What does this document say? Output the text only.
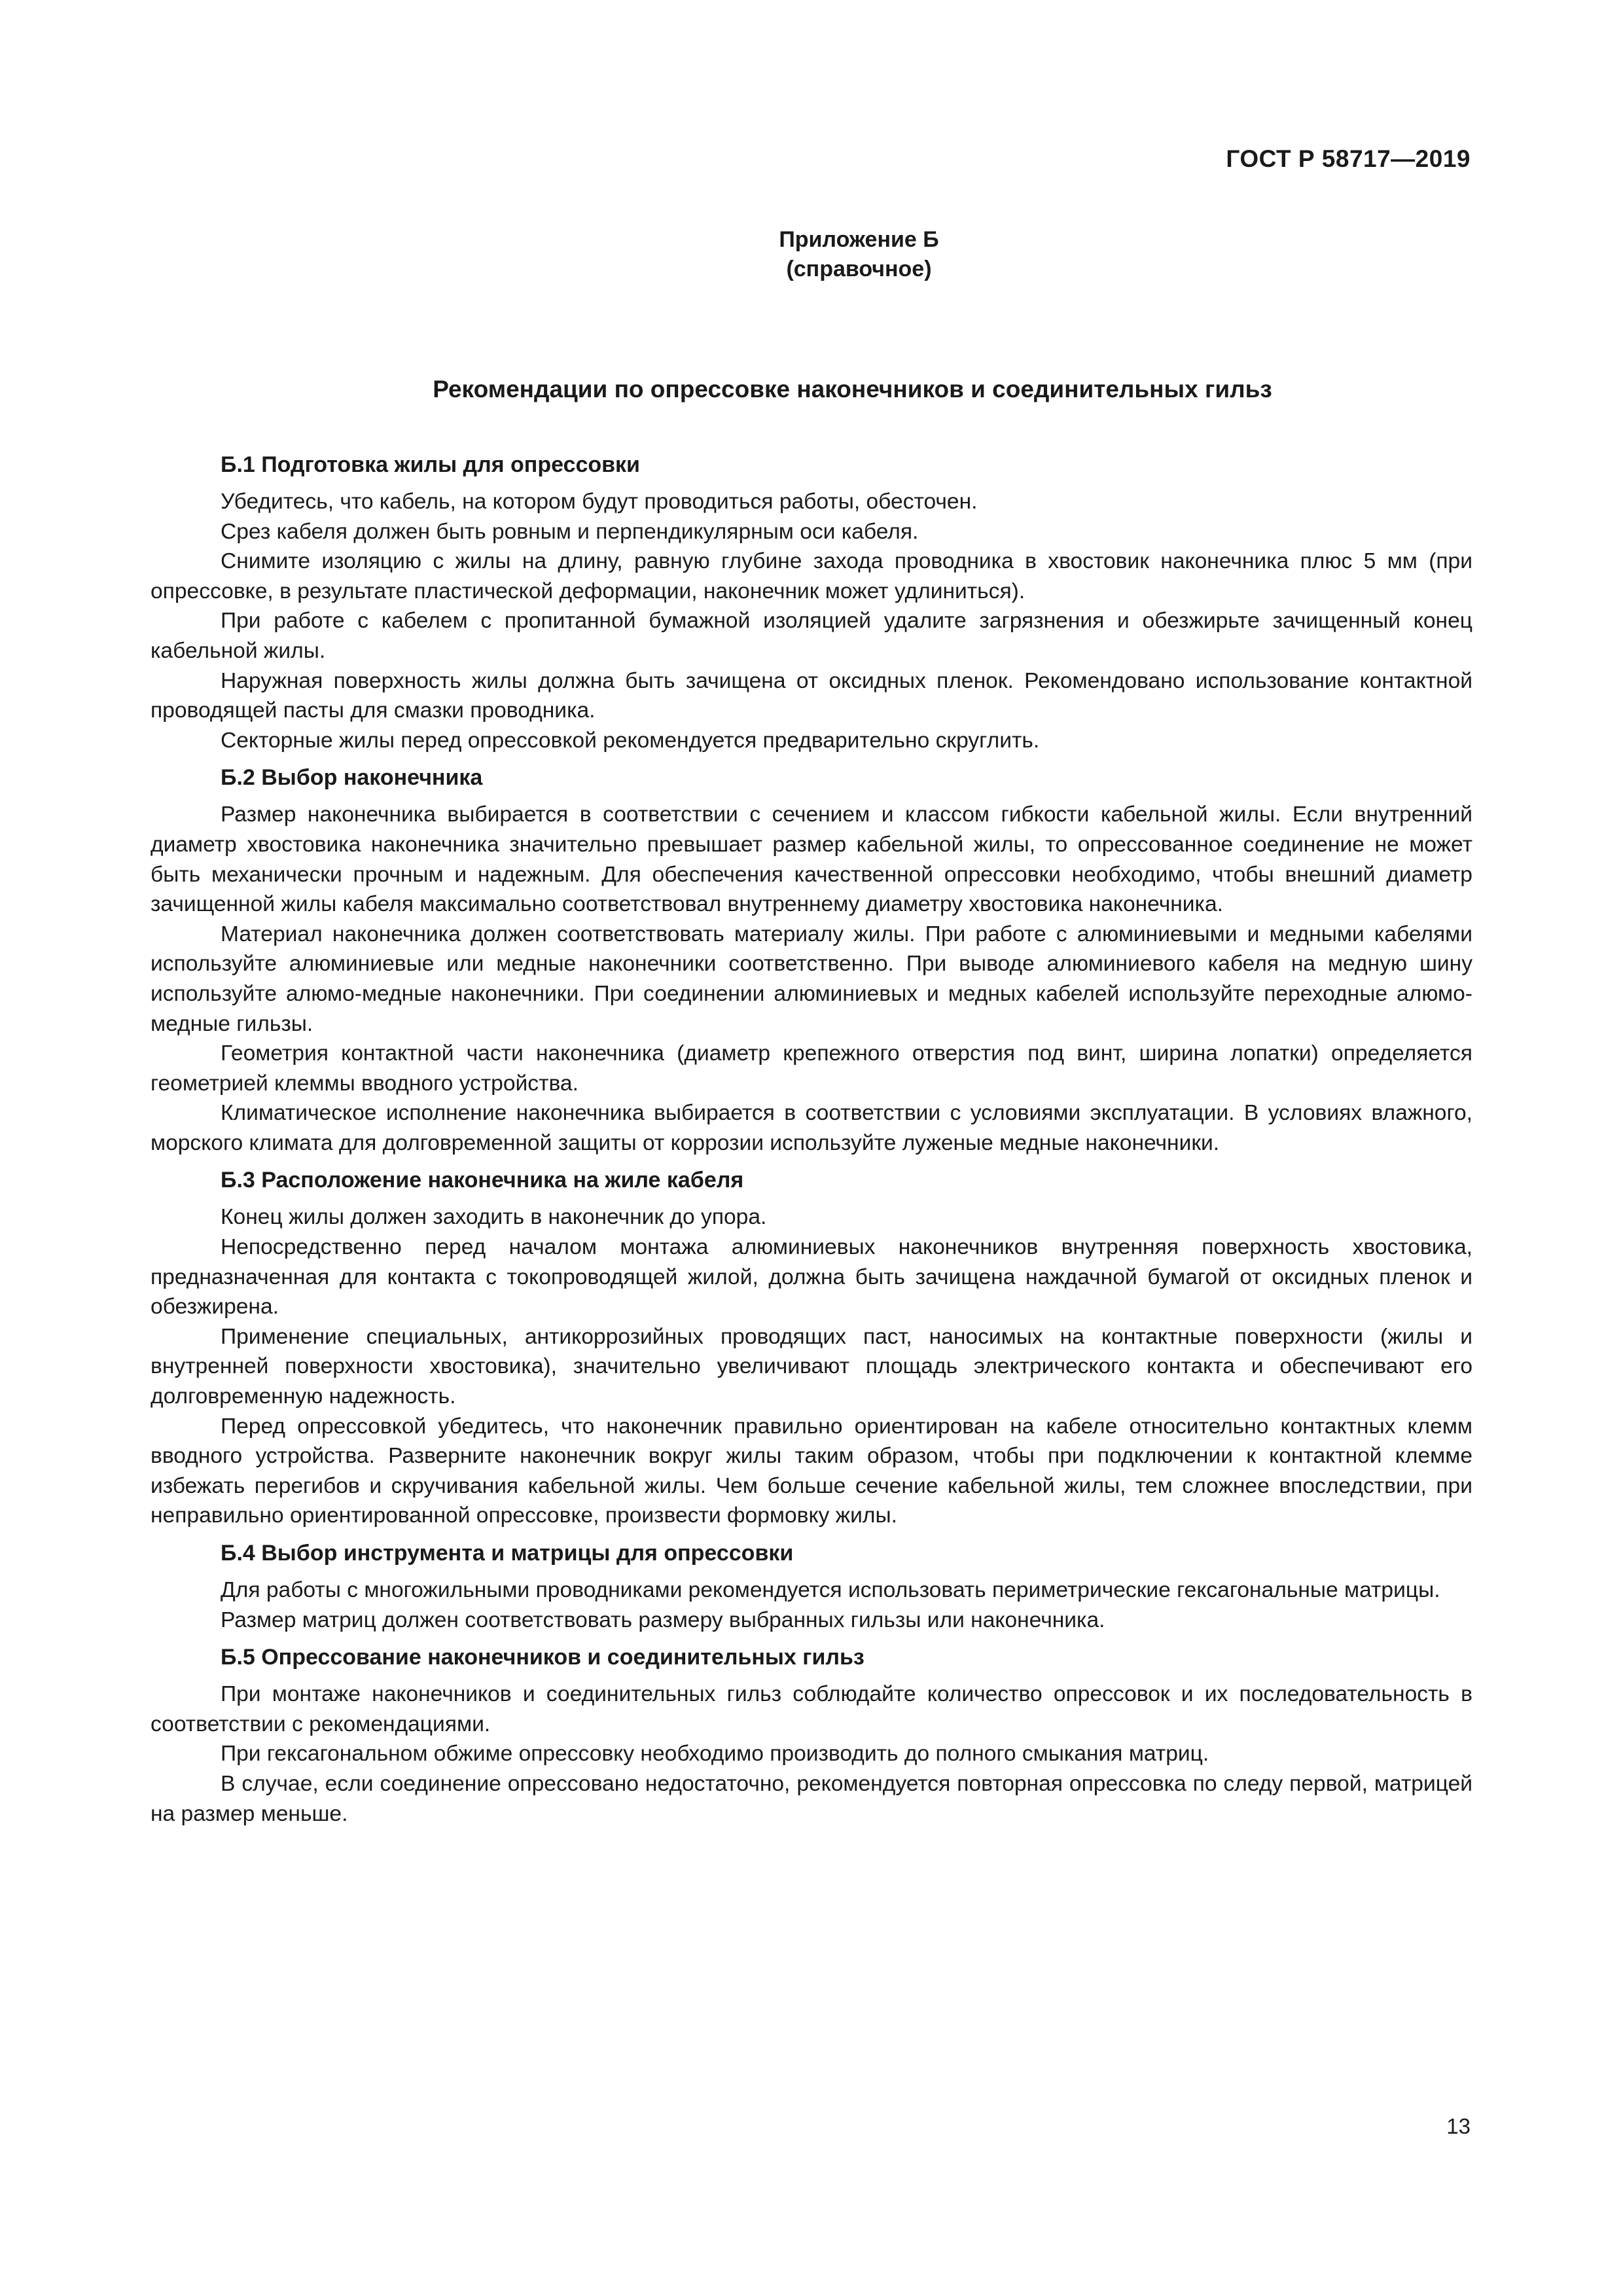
ГОСТ Р 58717—2019
Приложение Б
(справочное)
Рекомендации по опрессовке наконечников и соединительных гильз
Б.1 Подготовка жилы для опрессовки

Убедитесь, что кабель, на котором будут проводиться работы, обесточен.

Срез кабеля должен быть ровным и перпендикулярным оси кабеля.

Снимите изоляцию с жилы на длину, равную глубине захода проводника в хвостовик наконечника плюс 5 мм (при опрессовке, в результате пластической деформации, наконечник может удлиниться).

При работе с кабелем с пропитанной бумажной изоляцией удалите загрязнения и обезжирьте зачищенный конец кабельной жилы.

Наружная поверхность жилы должна быть зачищена от оксидных пленок. Рекомендовано использование контактной проводящей пасты для смазки проводника.

Секторные жилы перед опрессовкой рекомендуется предварительно скруглить.

Б.2 Выбор наконечника

Размер наконечника выбирается в соответствии с сечением и классом гибкости кабельной жилы. Если внутренний диаметр хвостовика наконечника значительно превышает размер кабельной жилы, то опрессованное соединение не может быть механически прочным и надежным. Для обеспечения качественной опрессовки необходимо, чтобы внешний диаметр зачищенной жилы кабеля максимально соответствовал внутреннему диаметру хвостовика наконечника.

Материал наконечника должен соответствовать материалу жилы. При работе с алюминиевыми и медными кабелями используйте алюминиевые или медные наконечники соответственно. При выводе алюминиевого кабеля на медную шину используйте алюмо-медные наконечники. При соединении алюминиевых и медных кабелей используйте переходные алюмо-медные гильзы.

Геометрия контактной части наконечника (диаметр крепежного отверстия под винт, ширина лопатки) определяется геометрией клеммы вводного устройства.

Климатическое исполнение наконечника выбирается в соответствии с условиями эксплуатации. В условиях влажного, морского климата для долговременной защиты от коррозии используйте луженые медные наконечники.

Б.3 Расположение наконечника на жиле кабеля

Конец жилы должен заходить в наконечник до упора.

Непосредственно перед началом монтажа алюминиевых наконечников внутренняя поверхность хвостовика, предназначенная для контакта с токопроводящей жилой, должна быть зачищена наждачной бумагой от оксидных пленок и обезжирена.

Применение специальных, антикоррозийных проводящих паст, наносимых на контактные поверхности (жилы и внутренней поверхности хвостовика), значительно увеличивают площадь электрического контакта и обеспечивают его долговременную надежность.

Перед опрессовкой убедитесь, что наконечник правильно ориентирован на кабеле относительно контактных клемм вводного устройства. Разверните наконечник вокруг жилы таким образом, чтобы при подключении к контактной клемме избежать перегибов и скручивания кабельной жилы. Чем больше сечение кабельной жилы, тем сложнее впоследствии, при неправильно ориентированной опрессовке, произвести формовку жилы.

Б.4 Выбор инструмента и матрицы для опрессовки

Для работы с многожильными проводниками рекомендуется использовать периметрические гексагональные матрицы.

Размер матриц должен соответствовать размеру выбранных гильзы или наконечника.

Б.5 Опрессование наконечников и соединительных гильз

При монтаже наконечников и соединительных гильз соблюдайте количество опрессовок и их последовательность в соответствии с рекомендациями.

При гексагональном обжиме опрессовку необходимо производить до полного смыкания матриц.

В случае, если соединение опрессовано недостаточно, рекомендуется повторная опрессовка по следу первой, матрицей на размер меньше.

13
